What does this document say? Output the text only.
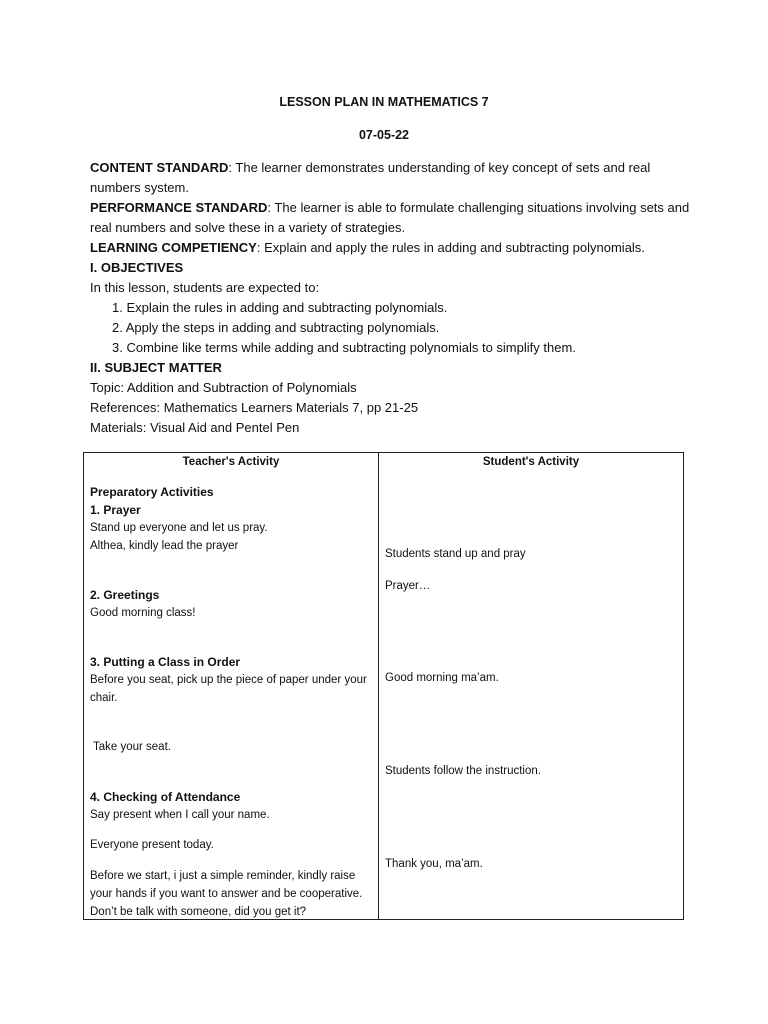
LESSON PLAN IN MATHEMATICS 7
07-05-22

CONTENT STANDARD: The learner demonstrates understanding of key concept of sets and real numbers system.

PERFORMANCE STANDARD: The learner is able to formulate challenging situations involving sets and real numbers and solve these in a variety of strategies.

LEARNING COMPETIENCY: Explain and apply the rules in adding and subtracting polynomials.

I. OBJECTIVES

In this lesson, students are expected to:

1. Explain the rules in adding and subtracting polynomials.
2. Apply the steps in adding and subtracting polynomials.
3. Combine like terms while adding and subtracting polynomials to simplify them.

II. SUBJECT MATTER

Topic: Addition and Subtraction of Polynomials

References: Mathematics Learners Materials 7, pp 21-25

Materials: Visual Aid and Pentel Pen

Teacher's Activity	Student's Activity
Preparatory Activities
1. Prayer
Stand up everyone and let us pray.
Althea, kindly lead the prayer
2. Greetings
Good morning class!
3. Putting a Class in Order
Before you seat, pick up the piece of paper under your chair.
Take your seat.
4. Checking of Attendance
Say present when I call your name.
Everyone present today.
Before we start, i just a simple reminder, kindly raise your hands if you want to answer and be cooperative. Don’t be talk with someone, did you get it?
Students stand up and pray
Prayer…
Good morning ma’am.
Students follow the instruction.
Thank you, ma’am.
